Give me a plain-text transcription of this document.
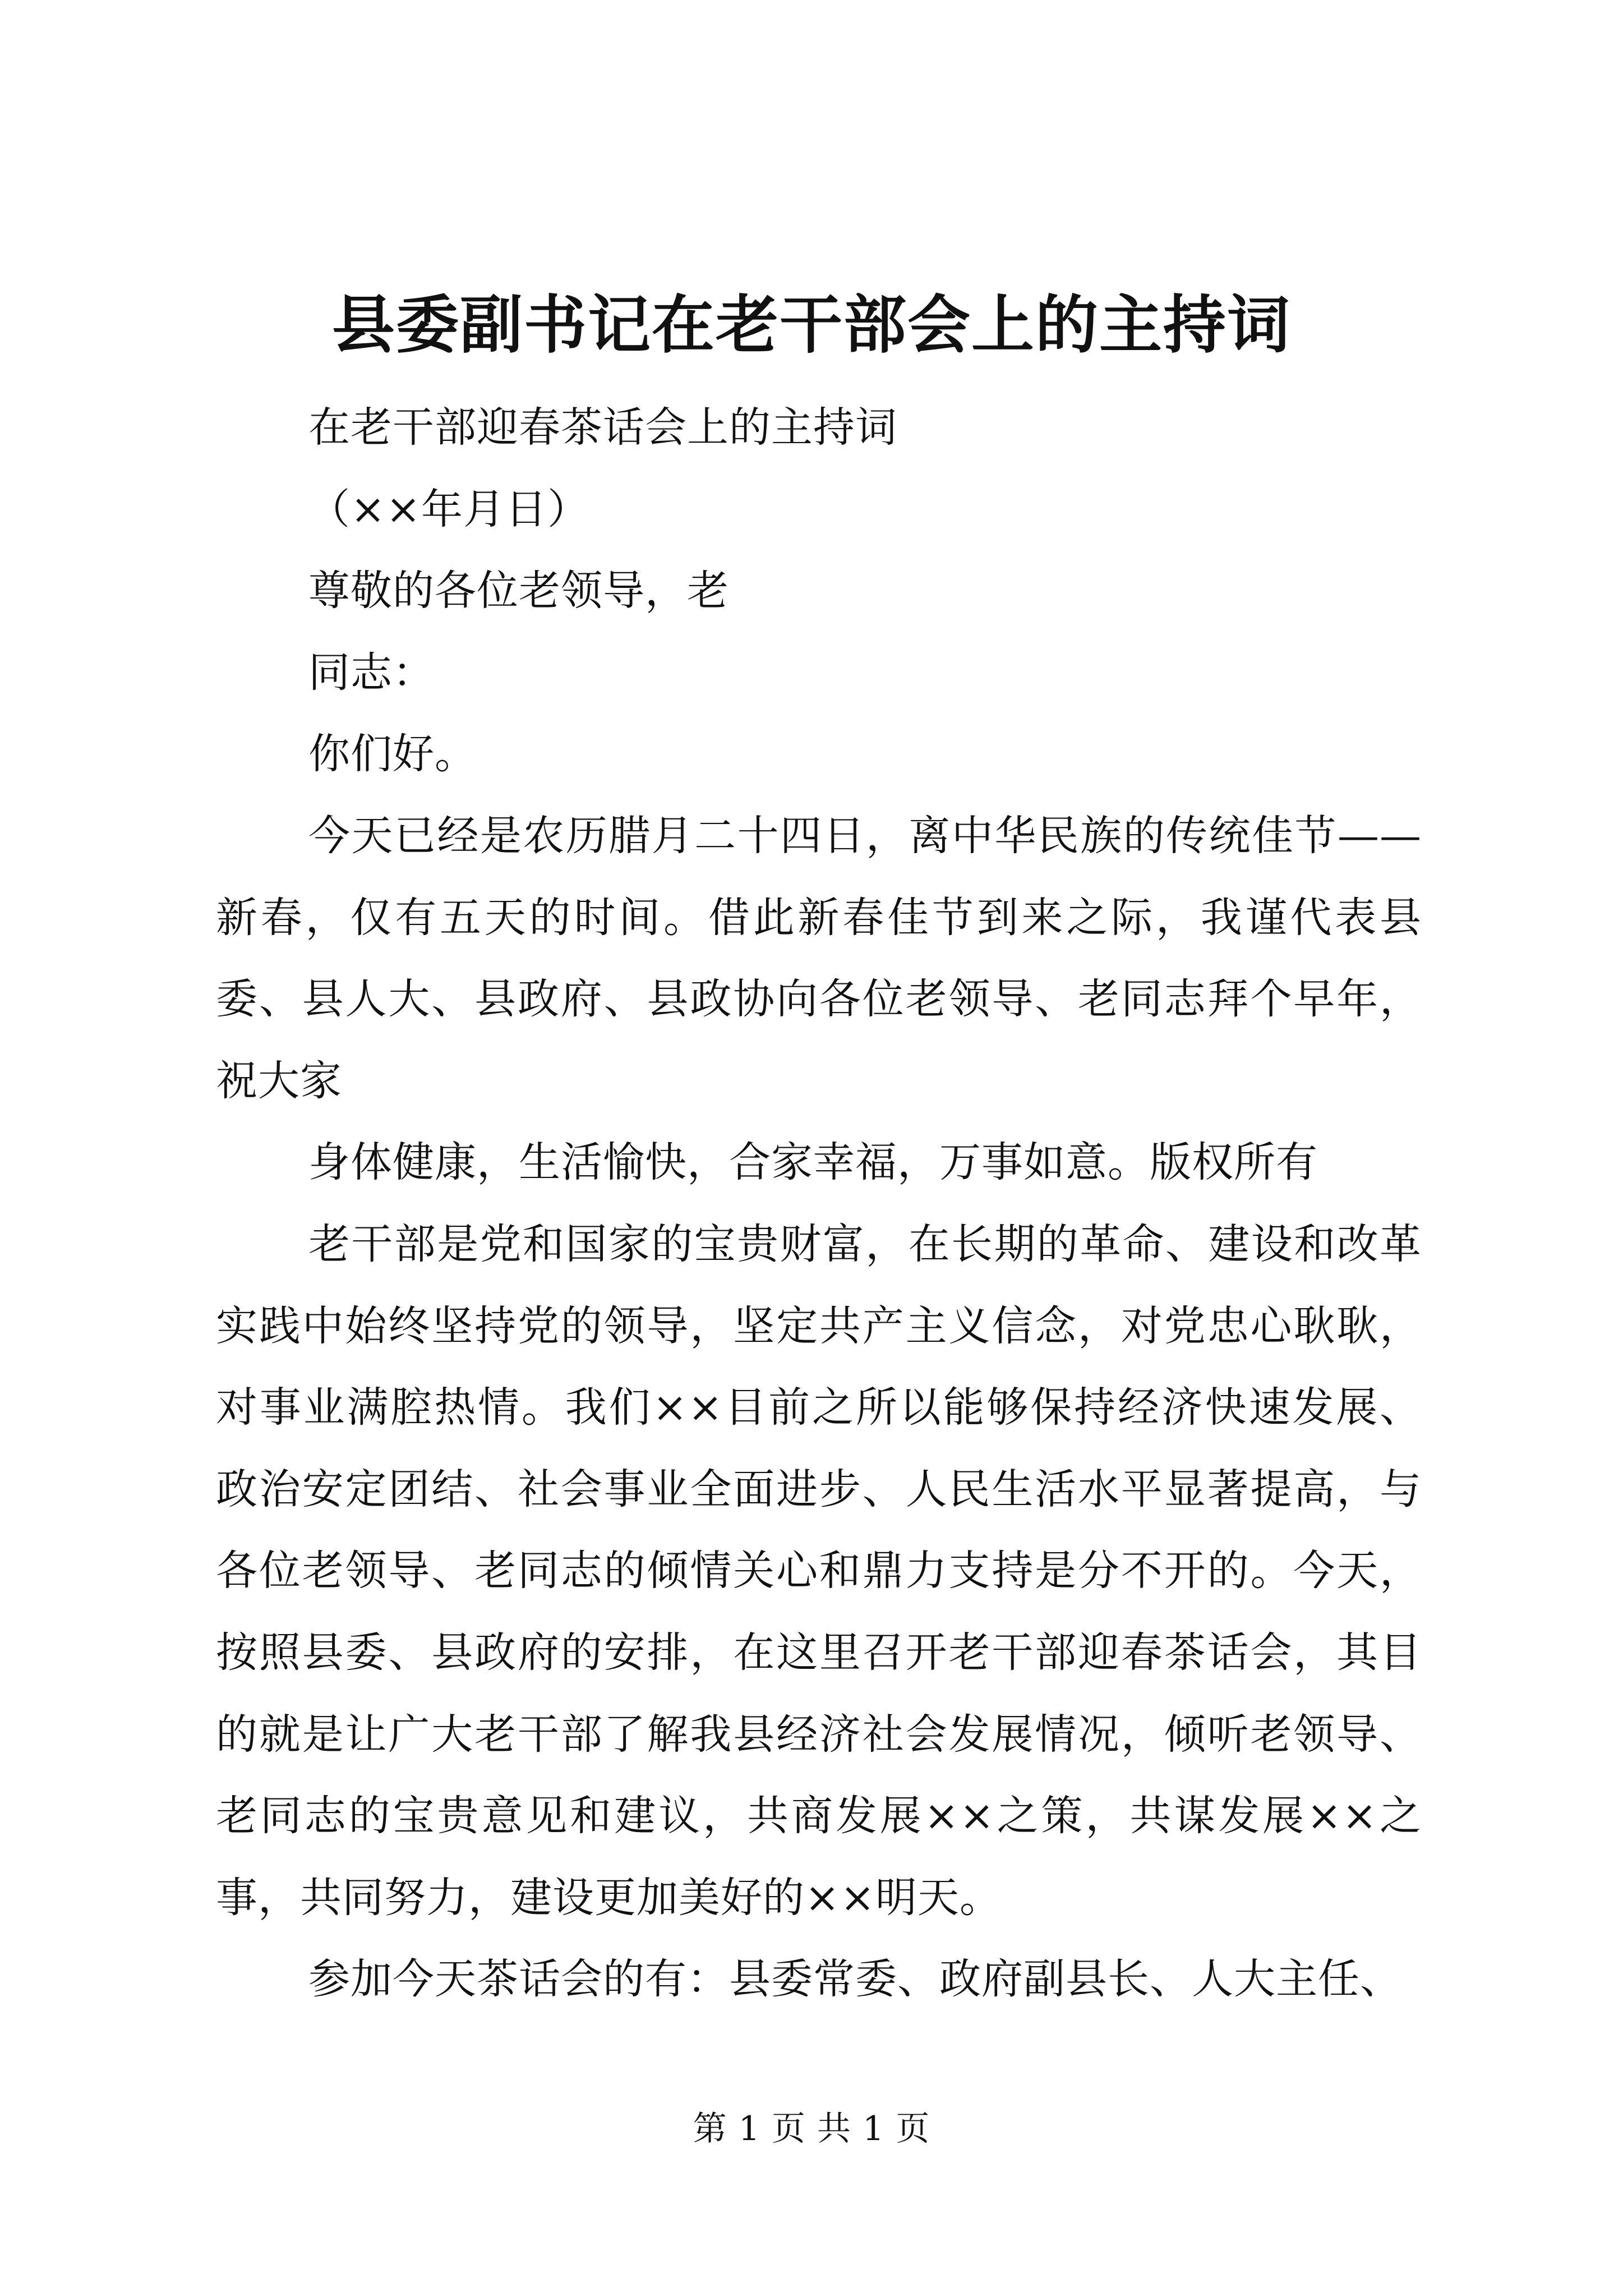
县委副书记在老干部会上的主持词

在老干部迎春茶话会上的主持词

（××年月日）

尊敬的各位老领导，老

同志：

你们好。

今天已经是农历腊月二十四日，离中华民族的传统佳节——新春，仅有五天的时间。借此新春佳节到来之际，我谨代表县委、县人大、县政府、县政协向各位老领导、老同志拜个早年，祝大家

身体健康，生活愉快，合家幸福，万事如意。版权所有

老干部是党和国家的宝贵财富，在长期的革命、建设和改革实践中始终坚持党的领导，坚定共产主义信念，对党忠心耿耿，对事业满腔热情。我们××目前之所以能够保持经济快速发展、政治安定团结、社会事业全面进步、人民生活水平显著提高，与各位老领导、老同志的倾情关心和鼎力支持是分不开的。今天，按照县委、县政府的安排，在这里召开老干部迎春茶话会，其目的就是让广大老干部了解我县经济社会发展情况，倾听老领导、老同志的宝贵意见和建议，共商发展××之策，共谋发展××之事，共同努力，建设更加美好的××明天。

参加今天茶话会的有：县委常委、政府副县长、人大主任、

第 1 页 共 1 页
